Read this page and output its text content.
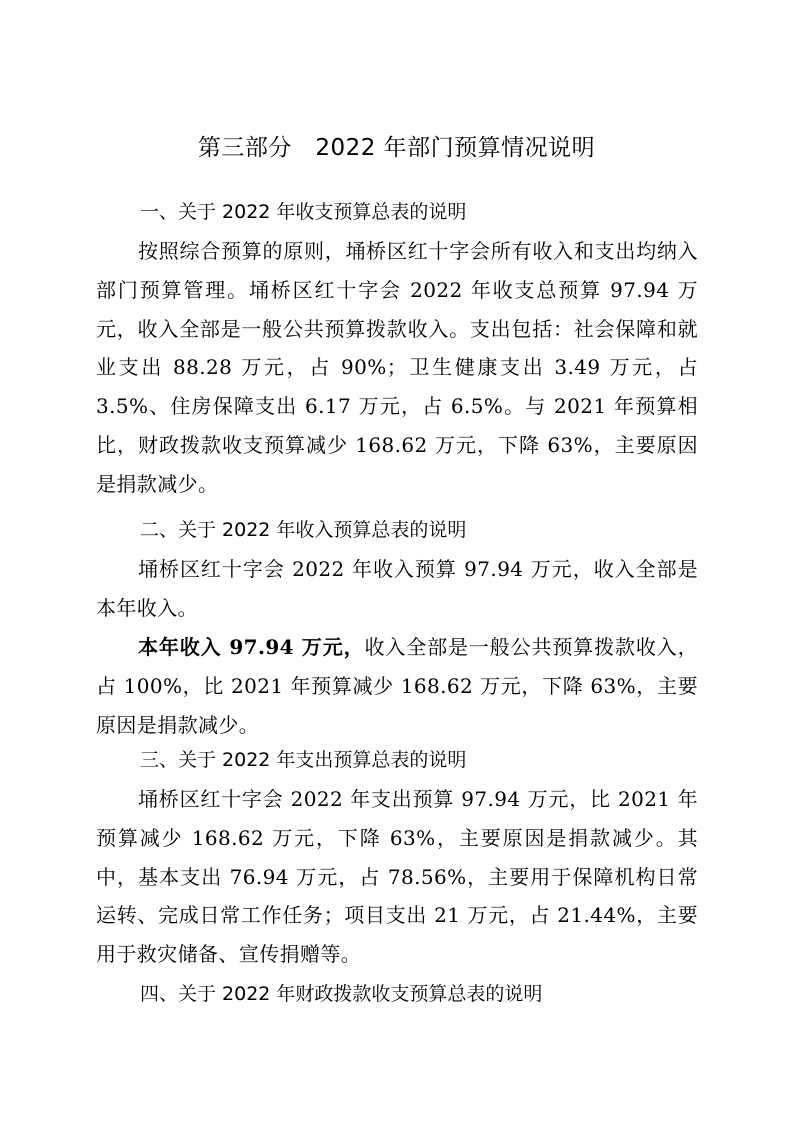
第三部分　2022 年部门预算情况说明
一、关于 2022 年收支预算总表的说明

按照综合预算的原则，埇桥区红十字会所有收入和支出均纳入部门预算管理。埇桥区红十字会 2022 年收支总预算 97.94 万元，收入全部是一般公共预算拨款收入。支出包括：社会保障和就业支出 88.28 万元，占 90%；卫生健康支出 3.49 万元，占 3.5%、住房保障支出 6.17 万元，占 6.5%。与 2021 年预算相比，财政拨款收支预算减少 168.62 万元，下降 63%，主要原因是捐款减少。

二、关于 2022 年收入预算总表的说明

埇桥区红十字会 2022 年收入预算 97.94 万元，收入全部是本年收入。

本年收入 97.94 万元，收入全部是一般公共预算拨款收入，占 100%，比 2021 年预算减少 168.62 万元，下降 63%，主要原因是捐款减少。

三、关于 2022 年支出预算总表的说明

埇桥区红十字会 2022 年支出预算 97.94 万元，比 2021 年预算减少 168.62 万元，下降 63%，主要原因是捐款减少。其中，基本支出 76.94 万元，占 78.56%，主要用于保障机构日常运转、完成日常工作任务；项目支出 21 万元，占 21.44%，主要用于救灾储备、宣传捐赠等。

四、关于 2022 年财政拨款收支预算总表的说明
